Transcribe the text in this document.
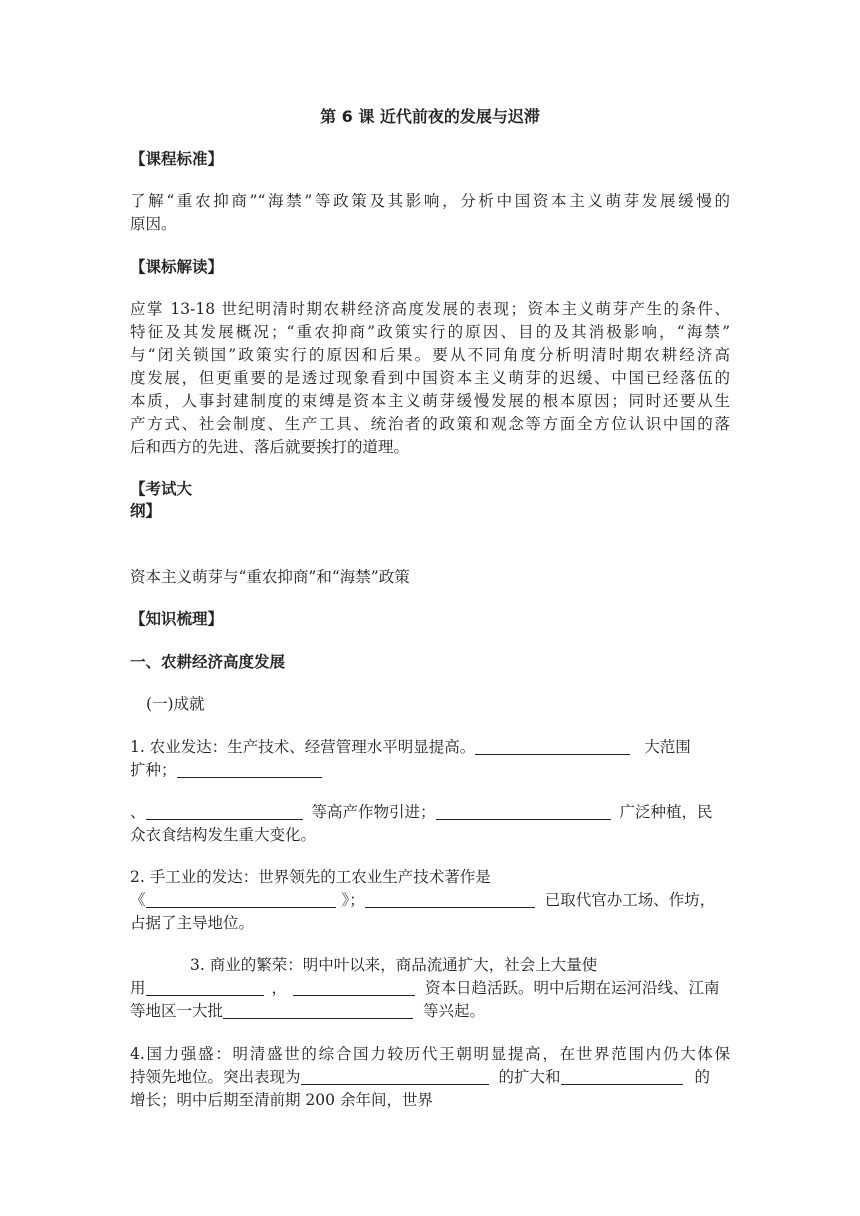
第 6 课 近代前夜的发展与迟滞
【课程标准】
了解“重农抑商”“海禁”等政策及其影响，分析中国资本主义萌芽发展缓慢的
原因。
【课标解读】
应掌 13-18 世纪明清时期农耕经济高度发展的表现；资本主义萌芽产生的条件、
特征及其发展概况；“重农抑商”政策实行的原因、目的及其消极影响，“海禁”
与“闭关锁国”政策实行的原因和后果。要从不同角度分析明清时期农耕经济高
度发展，但更重要的是透过现象看到中国资本主义萌芽的迟缓、中国已经落伍的
本质，人事封建制度的束缚是资本主义萌芽缓慢发展的根本原因；同时还要从生
产方式、社会制度、生产工具、统治者的政策和观念等方面全方位认识中国的落
后和西方的先进、落后就要挨打的道理。
【考试大
纲】
资本主义萌芽与“重农抑商”和“海禁”政策
【知识梳理】
一、农耕经济高度发展
(一)成就
1. 农业发达：生产技术、经营管理水平明显提高。	大范围
扩种；
、	等高产作物引进；	广泛种植，民
众衣食结构发生重大变化。
2. 手工业的发达：世界领先的工农业生产技术著作是
《	》；	已取代官办工场、作坊，
占据了主导地位。
3. 商业的繁荣：明中叶以来，商品流通扩大，社会上大量使
用	，	资本日趋活跃。明中后期在运河沿线、江南
等地区一大批	等兴起。
4.国力强盛：明清盛世的综合国力较历代王朝明显提高，在世界范围内仍大体保
持领先地位。突出表现为	的扩大和	的
增长；明中后期至清前期 200 余年间，世界
